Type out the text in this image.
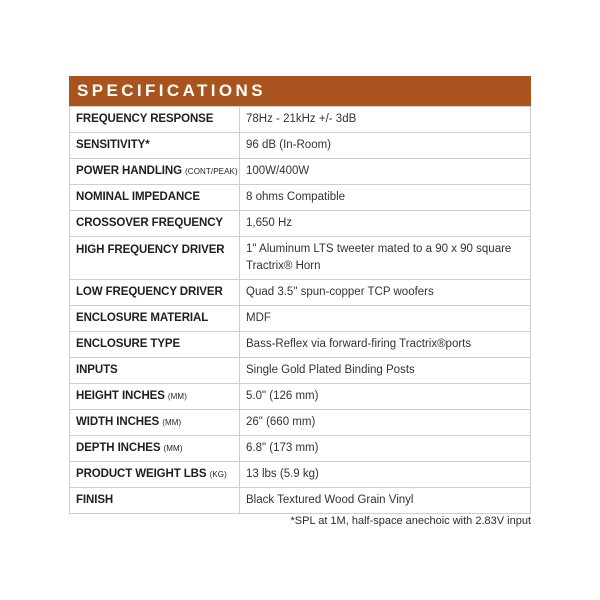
SPECIFICATIONS
FREQUENCY RESPONSE	78Hz - 21kHz +/- 3dB
SENSITIVITY*	96 dB (In-Room)
POWER HANDLING (CONT/PEAK)	100W/400W
NOMINAL IMPEDANCE	8 ohms Compatible
CROSSOVER FREQUENCY	1,650 Hz
HIGH FREQUENCY DRIVER	1" Aluminum LTS tweeter mated to a 90 x 90 square Tractrix® Horn
LOW FREQUENCY DRIVER	Quad 3.5" spun-copper TCP woofers
ENCLOSURE MATERIAL	MDF
ENCLOSURE TYPE	Bass-Reflex via forward-firing Tractrix®ports
INPUTS	Single Gold Plated Binding Posts
HEIGHT INCHES (MM)	5.0" (126 mm)
WIDTH INCHES (MM)	26" (660 mm)
DEPTH INCHES (MM)	6.8" (173 mm)
PRODUCT WEIGHT LBS (KG)	13 lbs (5.9 kg)
FINISH	Black Textured Wood Grain Vinyl
*SPL at 1M, half-space anechoic with 2.83V input
